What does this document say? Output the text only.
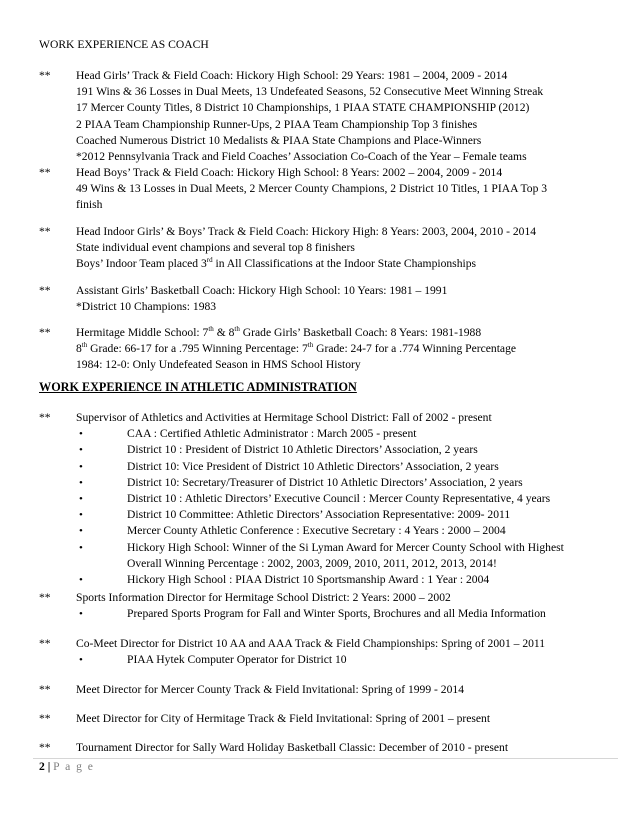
WORK EXPERIENCE AS COACH
** Head Girls’ Track & Field Coach: Hickory High School: 29 Years: 1981 – 2004, 2009 - 2014
191 Wins & 36 Losses in Dual Meets, 13 Undefeated Seasons, 52 Consecutive Meet Winning Streak
17 Mercer County Titles, 8 District 10 Championships, 1 PIAA STATE CHAMPIONSHIP (2012)
2 PIAA Team Championship Runner-Ups, 2 PIAA Team Championship Top 3 finishes
Coached Numerous District 10 Medalists & PIAA State Champions and Place-Winners
*2012 Pennsylvania Track and Field Coaches’ Association Co-Coach of the Year – Female teams
** Head Boys’ Track & Field Coach: Hickory High School: 8 Years: 2002 – 2004, 2009 - 2014
49 Wins & 13 Losses in Dual Meets, 2 Mercer County Champions, 2 District 10 Titles, 1 PIAA Top 3
finish
** Head Indoor Girls’ & Boys’ Track & Field Coach: Hickory High: 8 Years: 2003, 2004, 2010 - 2014
State individual event champions and several top 8 finishers
Boys’ Indoor Team placed 3rd in All Classifications at the Indoor State Championships
** Assistant Girls’ Basketball Coach: Hickory High School: 10 Years: 1981 – 1991
*District 10 Champions: 1983
** Hermitage Middle School: 7th & 8th Grade Girls’ Basketball Coach: 8 Years: 1981-1988
8th Grade: 66-17 for a .795 Winning Percentage: 7th Grade: 24-7 for a .774 Winning Percentage
1984: 12-0: Only Undefeated Season in HMS School History
WORK EXPERIENCE IN ATHLETIC ADMINISTRATION
** Supervisor of Athletics and Activities at Hermitage School District: Fall of 2002 - present
• CAA : Certified Athletic Administrator : March 2005 - present
• District 10 : President of District 10 Athletic Directors’ Association, 2 years
• District 10: Vice President of District 10 Athletic Directors’ Association, 2 years
• District 10: Secretary/Treasurer of District 10 Athletic Directors’ Association, 2 years
• District 10 : Athletic Directors’ Executive Council : Mercer County Representative, 4 years
• District 10 Committee: Athletic Directors’ Association Representative: 2009- 2011
• Mercer County Athletic Conference : Executive Secretary : 4 Years : 2000 – 2004
• Hickory High School: Winner of the Si Lyman Award for Mercer County School with Highest Overall Winning Percentage : 2002, 2003, 2009, 2010, 2011, 2012, 2013, 2014!
• Hickory High School : PIAA District 10 Sportsmanship Award : 1 Year : 2004
** Sports Information Director for Hermitage School District: 2 Years: 2000 – 2002
• Prepared Sports Program for Fall and Winter Sports, Brochures and all Media Information
** Co-Meet Director for District 10 AA and AAA Track & Field Championships: Spring of 2001 – 2011
• PIAA Hytek Computer Operator for District 10
** Meet Director for Mercer County Track & Field Invitational: Spring of 1999 - 2014
** Meet Director for City of Hermitage Track & Field Invitational: Spring of 2001 – present
** Tournament Director for Sally Ward Holiday Basketball Classic: December of 2010 - present
2 | P a g e
